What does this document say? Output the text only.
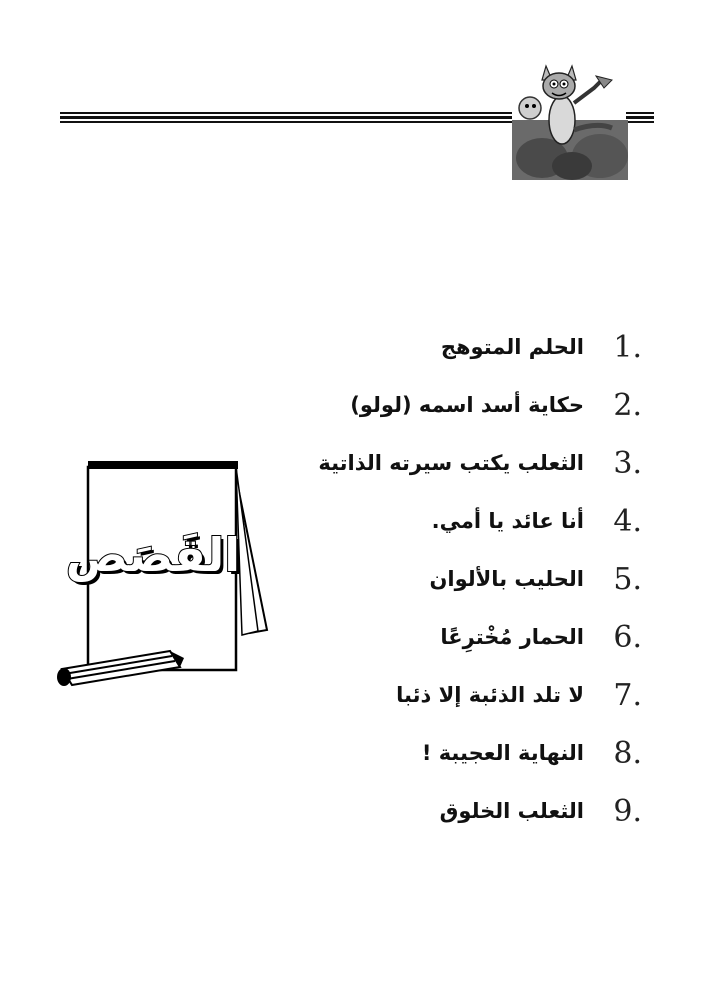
القَصَص
1.
الحلم المتوهج
2.
حكاية أسد اسمه (لولو)
3.
الثعلب يكتب سيرته الذاتية
4.
أنا عائد يا أمي.
5.
الحليب بالألوان
6.
الحمار مُخْترِعًا
7.
لا تلد الذئبة إلا ذئبا
8.
النهاية العجيبة !
9.
الثعلب الخلوق
